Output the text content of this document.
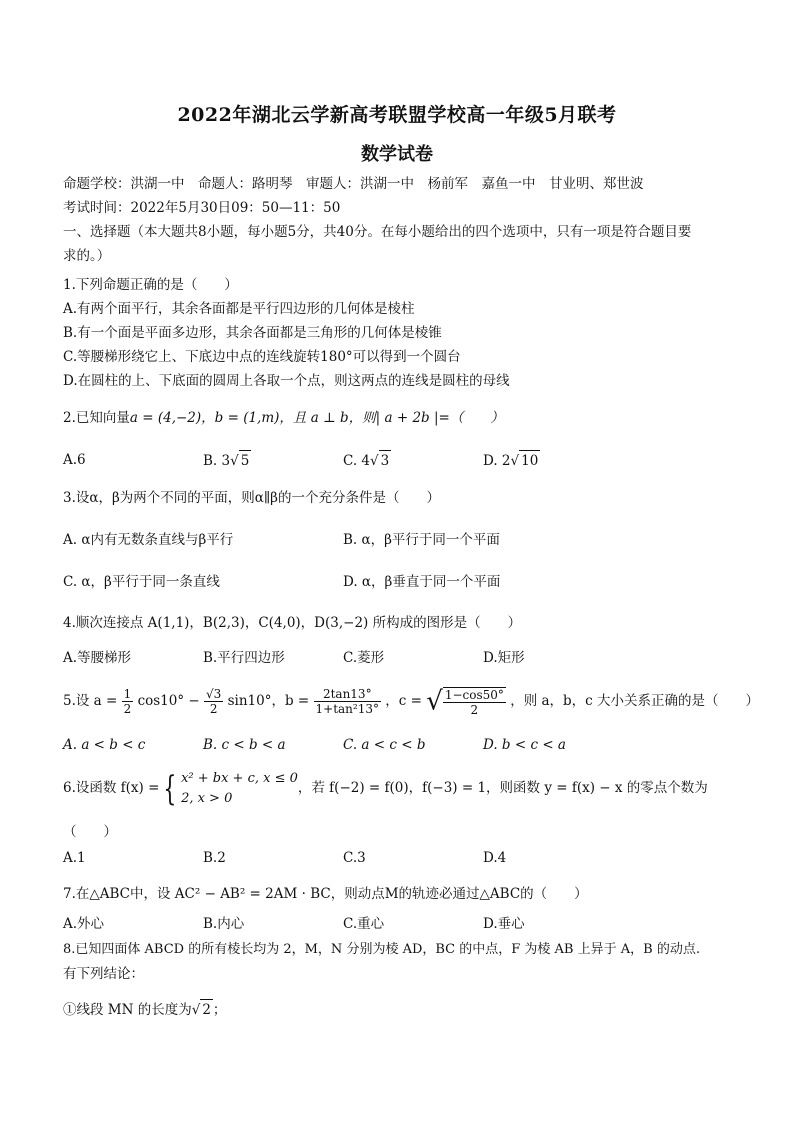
2022年湖北云学新高考联盟学校高一年级5月联考
数学试卷
命题学校：洪湖一中　命题人：路明琴　审题人：洪湖一中　杨前军　嘉鱼一中　甘业明、郑世波
考试时间：2022年5月30日09：50—11：50
一、选择题（本大题共8小题，每小题5分，共40分。在每小题给出的四个选项中，只有一项是符合题目要
求的。）
1.下列命题正确的是（　　）
A.有两个面平行，其余各面都是平行四边形的几何体是棱柱
B.有一个面是平面多边形，其余各面都是三角形的几何体是棱锥
C.等腰梯形绕它上、下底边中点的连线旋转180°可以得到一个圆台
D.在圆柱的上、下底面的圆周上各取一个点，则这两点的连线是圆柱的母线
2.已知向量a = (4,−2)，b = (1,m)，且 a ⊥ b，则| a + 2b |=（　　）
A.6	B. 3√ 5	C. 4√ 3	D. 2√ 10
3.设α，β为两个不同的平面，则α∥β的一个充分条件是（　　）
A. α内有无数条直线与β平行	B. α，β平行于同一个平面
C. α，β平行于同一条直线	D. α，β垂直于同一个平面
4.顺次连接点 A(1,1)，B(2,3)，C(4,0)，D(3,−2) 所构成的图形是（　　）
A.等腰梯形	B.平行四边形	C.菱形	D.矩形
5.设 $a = \frac{1}{2} \cos 10^\circ - \frac{√3}{2} \sin 10^\circ$，$b = \frac{2\tan 13^\circ}{\text{1+tan²13°}}$ ，c = √ $\frac{1-\cos 50^\circ}{2}$ ，则 a，b，c 大小关系正确的是（　　）
A. a < b < c	B. c < b < a	C. a < c < b	D. b < c < a
6.设函数 f(x) = { x² + bx + c, x ≤ 0
2, x > 0
，若 f(−2) = f(0)，f(−3) = 1，则函数 y = f(x) − x 的零点个数为
（　　）
A.1	B.2	C.3	D.4
7.在△ABC中，设 AC² − AB² = 2AM · BC，则动点M的轨迹必通过△ABC的（　　）
A.外心	B.内心	C.重心	D.垂心
8.已知四面体 ABCD 的所有棱长均为 2，M，N 分别为棱 AD，BC 的中点，F 为棱 AB 上异于 A，B 的动点.
有下列结论：
①线段 MN 的长度为√ 2 ；
